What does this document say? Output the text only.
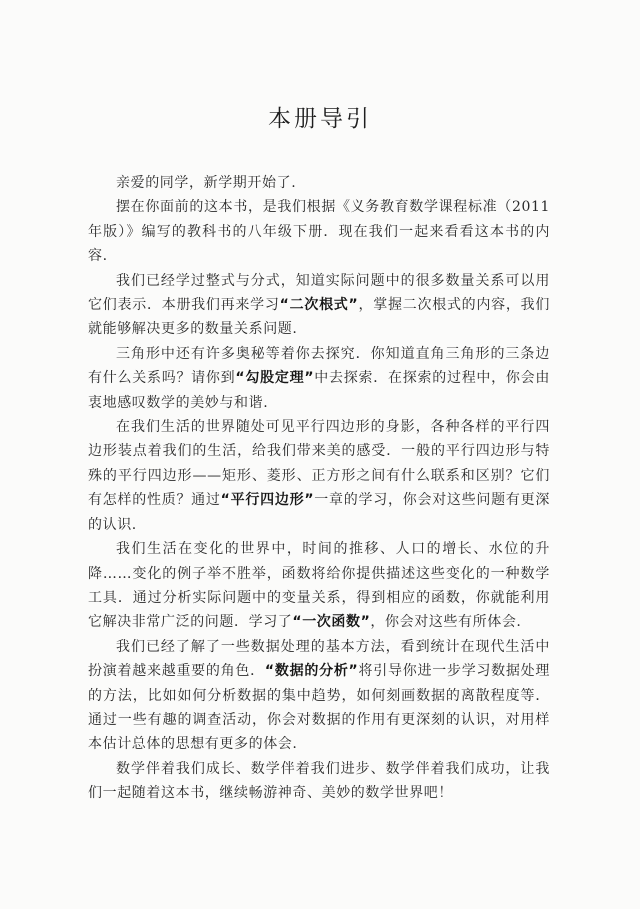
本册导引

亲爱的同学，新学期开始了.

摆在你面前的这本书，是我们根据《义务教育数学课程标准（2011年版）》编写的教科书的八年级下册．现在我们一起来看看这本书的内容.

我们已经学过整式与分式，知道实际问题中的很多数量关系可以用它们表示．本册我们再来学习“二次根式”，掌握二次根式的内容，我们就能够解决更多的数量关系问题.

三角形中还有许多奥秘等着你去探究．你知道直角三角形的三条边有什么关系吗？请你到“勾股定理”中去探索．在探索的过程中，你会由衷地感叹数学的美妙与和谐.

在我们生活的世界随处可见平行四边形的身影，各种各样的平行四边形装点着我们的生活，给我们带来美的感受．一般的平行四边形与特殊的平行四边形——矩形、菱形、正方形之间有什么联系和区别？它们有怎样的性质？通过“平行四边形”一章的学习，你会对这些问题有更深的认识.

我们生活在变化的世界中，时间的推移、人口的增长、水位的升降……变化的例子举不胜举，函数将给你提供描述这些变化的一种数学工具．通过分析实际问题中的变量关系，得到相应的函数，你就能利用它解决非常广泛的问题．学习了“一次函数”，你会对这些有所体会.

我们已经了解了一些数据处理的基本方法，看到统计在现代生活中扮演着越来越重要的角色．“数据的分析”将引导你进一步学习数据处理的方法，比如如何分析数据的集中趋势，如何刻画数据的离散程度等．通过一些有趣的调查活动，你会对数据的作用有更深刻的认识，对用样本估计总体的思想有更多的体会.

数学伴着我们成长、数学伴着我们进步、数学伴着我们成功，让我们一起随着这本书，继续畅游神奇、美妙的数学世界吧！
